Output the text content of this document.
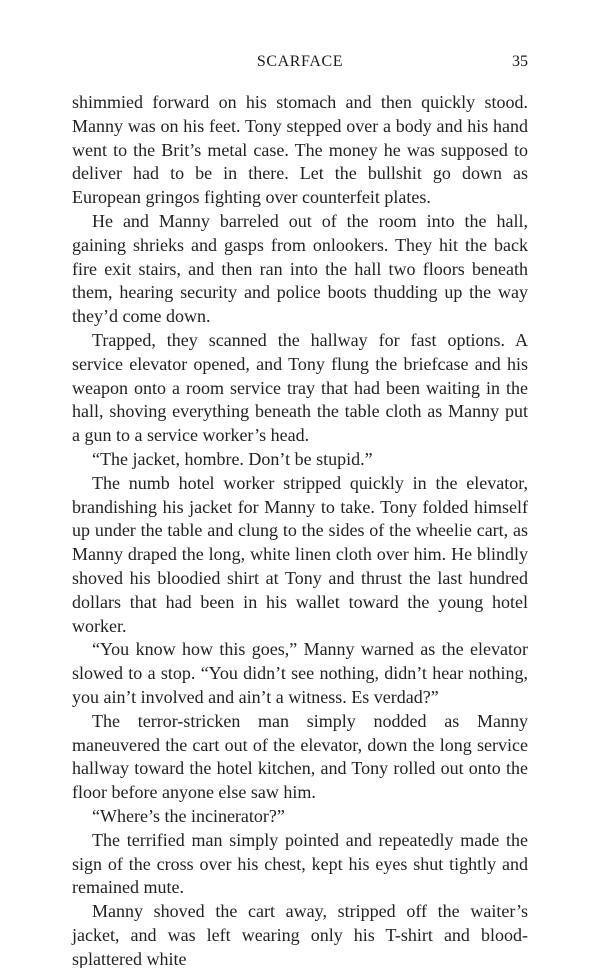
SCARFACE	35

shimmied forward on his stomach and then quickly stood. Manny was on his feet. Tony stepped over a body and his hand went to the Brit’s metal case. The money he was supposed to deliver had to be in there. Let the bullshit go down as European gringos fighting over counterfeit plates.

He and Manny barreled out of the room into the hall, gaining shrieks and gasps from onlookers. They hit the back fire exit stairs, and then ran into the hall two floors beneath them, hearing security and police boots thudding up the way they’d come down.

Trapped, they scanned the hallway for fast options. A service elevator opened, and Tony flung the briefcase and his weapon onto a room service tray that had been waiting in the hall, shoving everything beneath the table cloth as Manny put a gun to a service worker’s head.

“The jacket, hombre. Don’t be stupid.”

The numb hotel worker stripped quickly in the elevator, brandishing his jacket for Manny to take. Tony folded himself up under the table and clung to the sides of the wheelie cart, as Manny draped the long, white linen cloth over him. He blindly shoved his bloodied shirt at Tony and thrust the last hundred dollars that had been in his wallet toward the young hotel worker.

“You know how this goes,” Manny warned as the elevator slowed to a stop. “You didn’t see nothing, didn’t hear nothing, you ain’t involved and ain’t a witness. Es verdad?”

The terror-stricken man simply nodded as Manny maneuvered the cart out of the elevator, down the long service hallway toward the hotel kitchen, and Tony rolled out onto the floor before anyone else saw him.

“Where’s the incinerator?”

The terrified man simply pointed and repeatedly made the sign of the cross over his chest, kept his eyes shut tightly and remained mute.

Manny shoved the cart away, stripped off the waiter’s jacket, and was left wearing only his T-shirt and blood-splattered white
